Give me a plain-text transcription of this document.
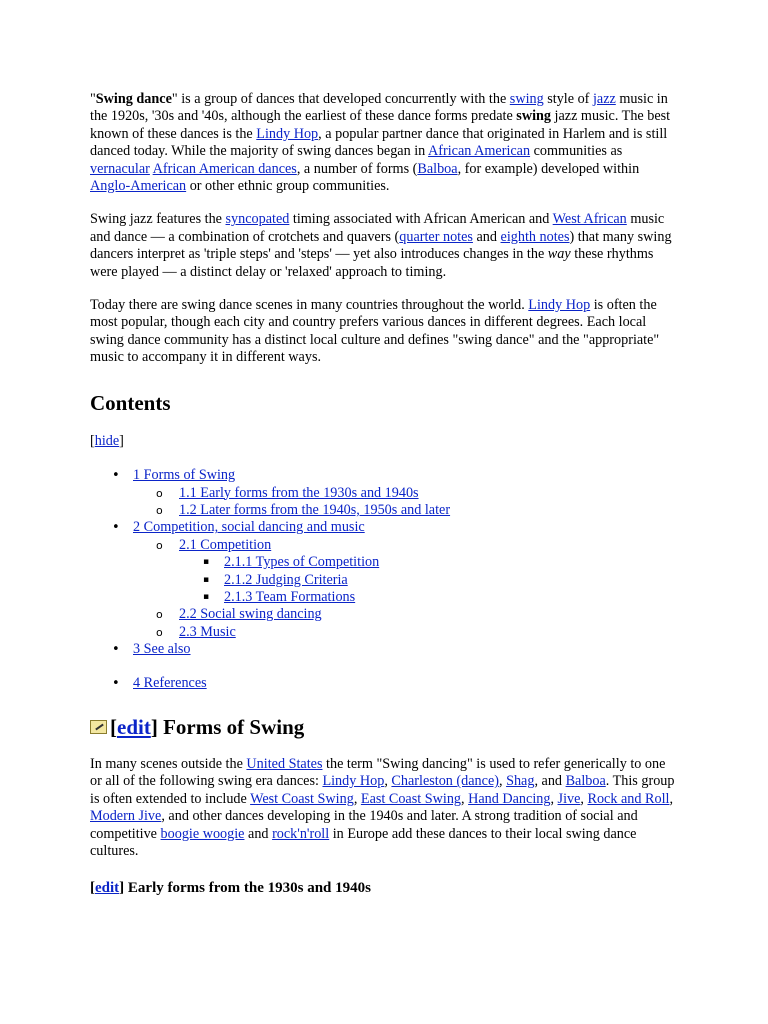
"Swing dance" is a group of dances that developed concurrently with the swing style of jazz music in the 1920s, '30s and '40s, although the earliest of these dance forms predate swing jazz music. The best known of these dances is the Lindy Hop, a popular partner dance that originated in Harlem and is still danced today. While the majority of swing dances began in African American communities as vernacular African American dances, a number of forms (Balboa, for example) developed within Anglo-American or other ethnic group communities.

Swing jazz features the syncopated timing associated with African American and West African music and dance — a combination of crotchets and quavers (quarter notes and eighth notes) that many swing dancers interpret as 'triple steps' and 'steps' — yet also introduces changes in the way these rhythms were played — a distinct delay or 'relaxed' approach to timing.

Today there are swing dance scenes in many countries throughout the world. Lindy Hop is often the most popular, though each city and country prefers various dances in different degrees. Each local swing dance community has a distinct local culture and defines "swing dance" and the "appropriate" music to accompany it in different ways.

Contents
[hide]
• 1 Forms of Swing
o 1.1 Early forms from the 1930s and 1940s
o 1.2 Later forms from the 1940s, 1950s and later
• 2 Competition, social dancing and music
o 2.1 Competition
▪ 2.1.1 Types of Competition
▪ 2.1.2 Judging Criteria
▪ 2.1.3 Team Formations
o 2.2 Social swing dancing
o 2.3 Music
• 3 See also
• 4 References
[ edit ] Forms of Swing

In many scenes outside the United States the term "Swing dancing" is used to refer generically to one or all of the following swing era dances: Lindy Hop, Charleston (dance), Shag, and Balboa. This group is often extended to include West Coast Swing, East Coast Swing, Hand Dancing, Jive, Rock and Roll, Modern Jive, and other dances developing in the 1940s and later. A strong tradition of social and competitive boogie woogie and rock'n'roll in Europe add these dances to their local swing dance cultures.

[edit] Early forms from the 1930s and 1940s
